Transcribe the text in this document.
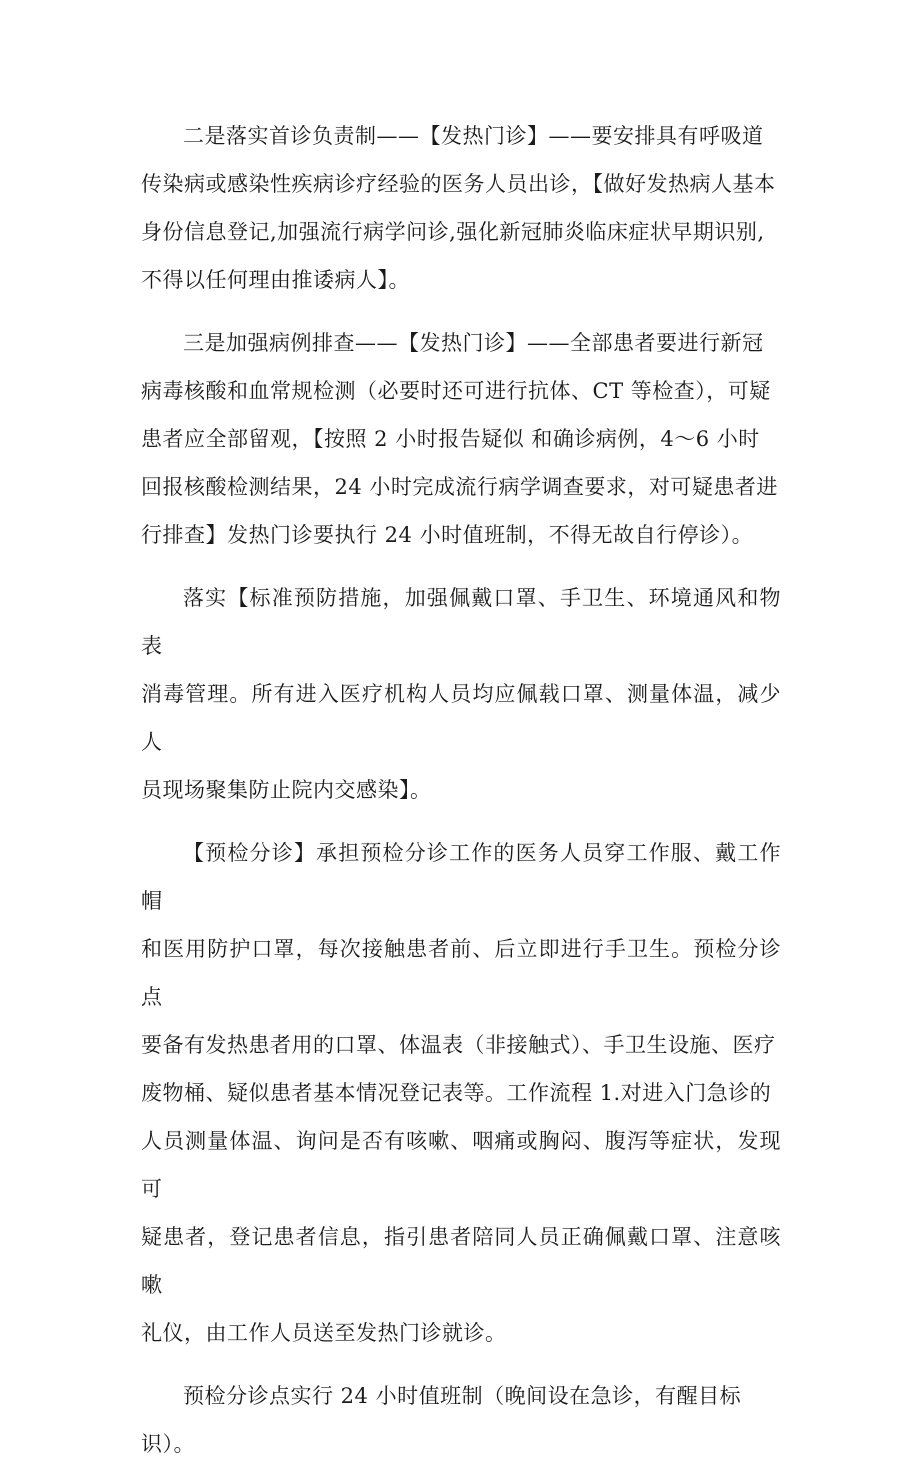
二是落实首诊负责制——【发热门诊】——要安排具有呼吸道
传染病或感染性疾病诊疗经验的医务人员出诊，【做好发热病人基本
身份信息登记,加强流行病学问诊,强化新冠肺炎临床症状早期识别,
不得以任何理由推诿病人】。

三是加强病例排查——【发热门诊】——全部患者要进行新冠
病毒核酸和血常规检测（必要时还可进行抗体、CT 等检查），可疑
患者应全部留观，【按照 2 小时报告疑似 和确诊病例，4～6 小时
回报核酸检测结果，24 小时完成流行病学调查要求，对可疑患者进
行排查】发热门诊要执行 24 小时值班制，不得无故自行停诊）。

落实【标准预防措施，加强佩戴口罩、手卫生、环境通风和物表
消毒管理。所有进入医疗机构人员均应佩载口罩、测量体温，减少人
员现场聚集防止院内交感染】。

【预检分诊】承担预检分诊工作的医务人员穿工作服、戴工作帽
和医用防护口罩，每次接触患者前、后立即进行手卫生。预检分诊点
要备有发热患者用的口罩、体温表（非接触式）、手卫生设施、医疗
废物桶、疑似患者基本情况登记表等。工作流程 1.对进入门急诊的
人员测量体温、询问是否有咳嗽、咽痛或胸闷、腹泻等症状，发现可
疑患者，登记患者信息，指引患者陪同人员正确佩戴口罩、注意咳嗽
礼仪，由工作人员送至发热门诊就诊。

预检分诊点实行 24 小时值班制（晚间设在急诊，有醒目标
识）。
